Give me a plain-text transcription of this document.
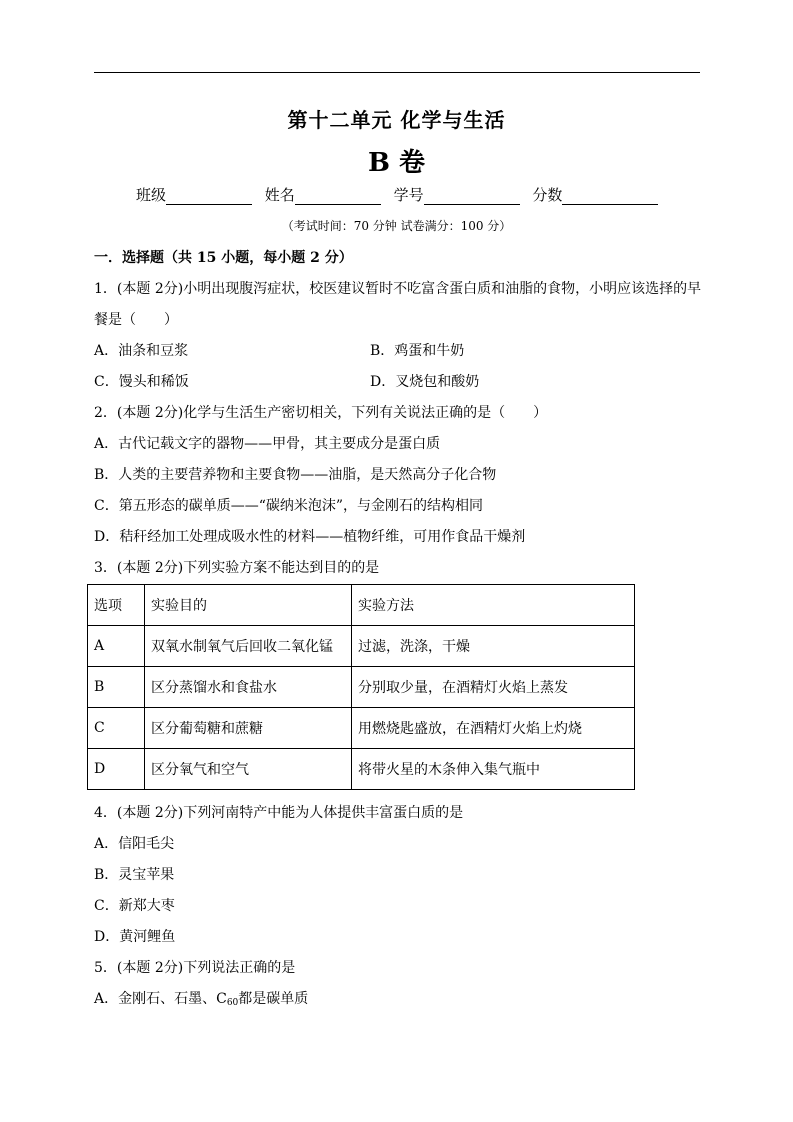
第十二单元 化学与生活
B 卷
班级	姓名	学号	分数
（考试时间：70 分钟 试卷满分：100 分）
一．选择题（共 15 小题，每小题 2 分）
1．(本题 2分)小明出现腹泻症状，校医建议暂时不吃富含蛋白质和油脂的食物，小明应该选择的早
餐是（　　）
A．油条和豆浆	B．鸡蛋和牛奶
C．馒头和稀饭	D．叉烧包和酸奶
2．(本题 2分)化学与生活生产密切相关，下列有关说法正确的是（　　）
A．古代记载文字的器物——甲骨，其主要成分是蛋白质
B．人类的主要营养物和主要食物——油脂，是天然高分子化合物
C．第五形态的碳单质——“碳纳米泡沫”，与金刚石的结构相同
D．秸秆经加工处理成吸水性的材料——植物纤维，可用作食品干燥剂
3．(本题 2分)下列实验方案不能达到目的的是
选项	实验目的	实验方法
A	双氧水制氧气后回收二氧化锰	过滤，洗涤，干燥
B	区分蒸馏水和食盐水	分别取少量，在酒精灯火焰上蒸发
C	区分葡萄糖和蔗糖	用燃烧匙盛放，在酒精灯火焰上灼烧
D	区分氧气和空气	将带火星的木条伸入集气瓶中
4．(本题 2分)下列河南特产中能为人体提供丰富蛋白质的是
A．信阳毛尖
B．灵宝苹果
C．新郑大枣
D．黄河鲤鱼
5．(本题 2分)下列说法正确的是
A．金刚石、石墨、$C_{60}$都是碳单质
